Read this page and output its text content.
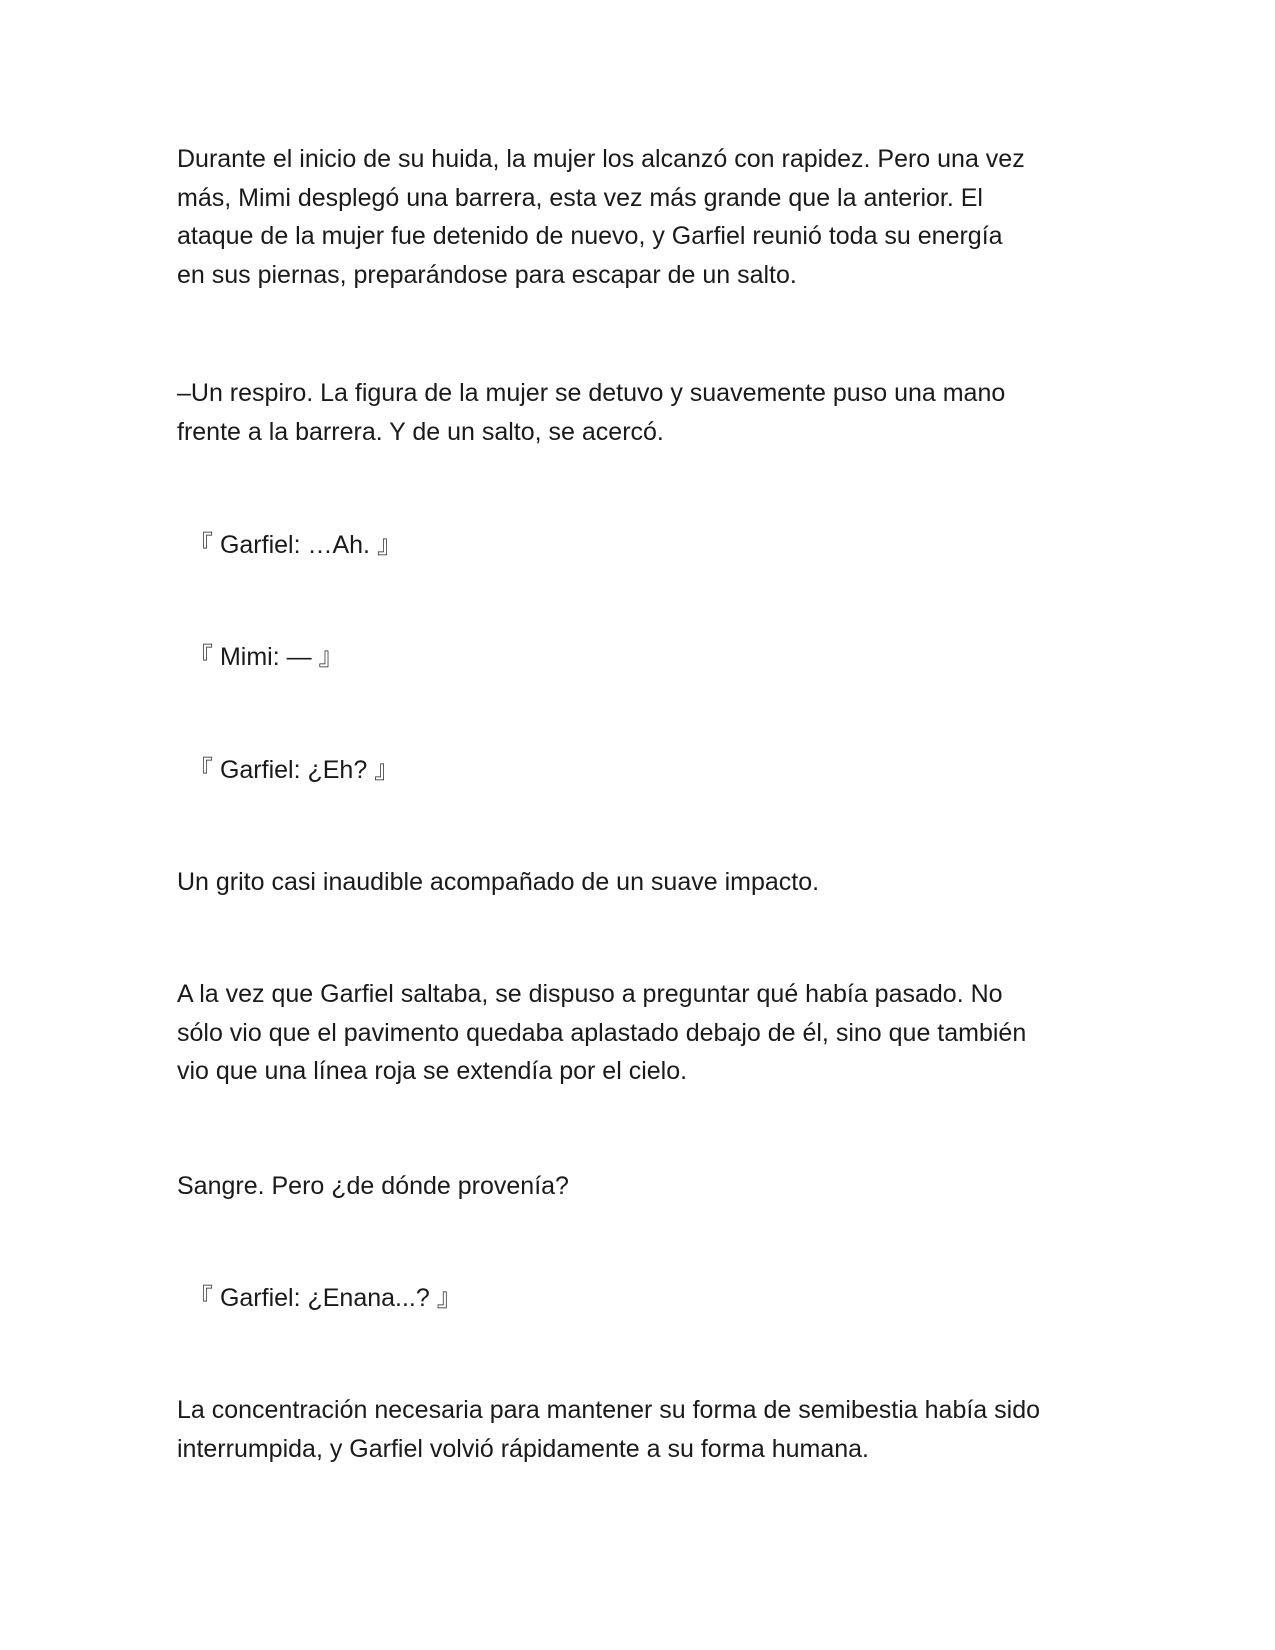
Durante el inicio de su huida, la mujer los alcanzó con rapidez. Pero una vez
más, Mimi desplegó una barrera, esta vez más grande que la anterior. El
ataque de la mujer fue detenido de nuevo, y Garfiel reunió toda su energía
en sus piernas, preparándose para escapar de un salto.

–Un respiro. La figura de la mujer se detuvo y suavemente puso una mano
frente a la barrera. Y de un salto, se acercó.

『 Garfiel: …Ah. 』

『 Mimi: — 』

『 Garfiel: ¿Eh? 』

Un grito casi inaudible acompañado de un suave impacto.

A la vez que Garfiel saltaba, se dispuso a preguntar qué había pasado. No
sólo vio que el pavimento quedaba aplastado debajo de él, sino que también
vio que una línea roja se extendía por el cielo.

Sangre. Pero ¿de dónde provenía?

『 Garfiel: ¿Enana...? 』

La concentración necesaria para mantener su forma de semibestia había sido
interrumpida, y Garfiel volvió rápidamente a su forma humana.
